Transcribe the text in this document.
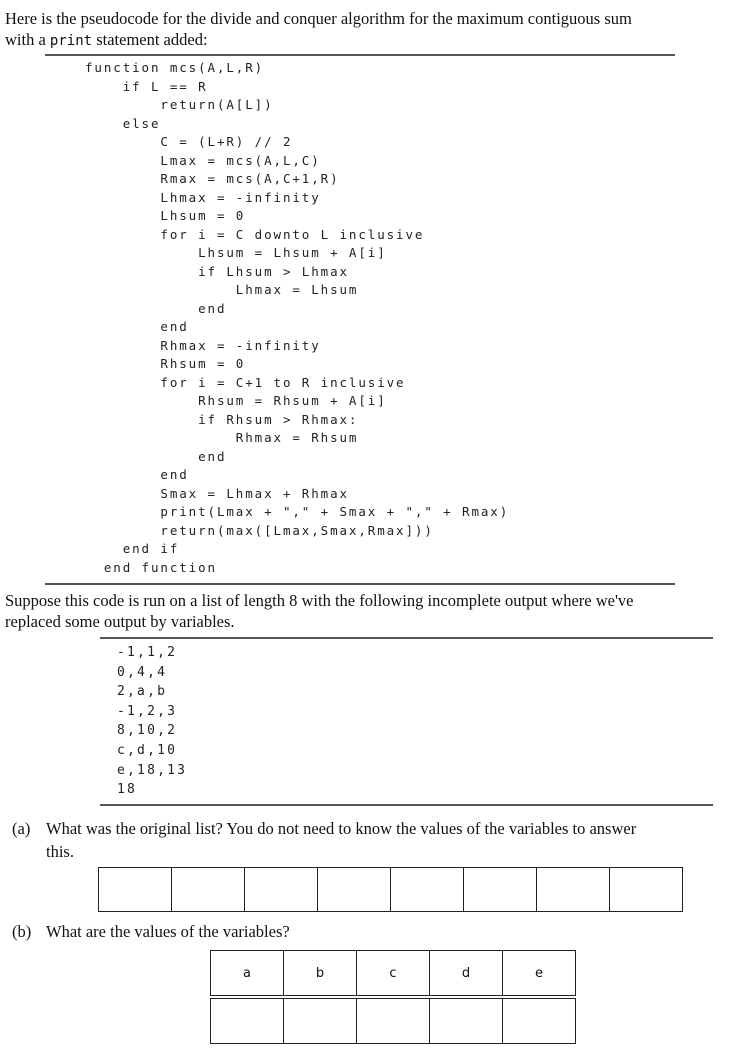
Here is the pseudocode for the divide and conquer algorithm for the maximum contiguous sum
with a print statement added:
function mcs(A,L,R)
if L == R
return(A[L])
else
C = (L+R) // 2
Lmax = mcs(A,L,C)
Rmax = mcs(A,C+1,R)
Lhmax = -infinity
Lhsum = 0
for i = C downto L inclusive
Lhsum = Lhsum + A[i]
if Lhsum > Lhmax
Lhmax = Lhsum
end
end
Rhmax = -infinity
Rhsum = 0
for i = C+1 to R inclusive
Rhsum = Rhsum + A[i]
if Rhsum > Rhmax:
Rhmax = Rhsum
end
end
Smax = Lhmax + Rhmax
print(Lmax + "," + Smax + "," + Rmax)
return(max([Lmax,Smax,Rmax]))
end if
end function
Suppose this code is run on a list of length 8 with the following incomplete output where we've
replaced some output by variables.
-1,1,2
0,4,4
2,a,b
-1,2,3
8,10,2
c,d,10
e,18,13
18
(a) What was the original list? You do not need to know the values of the variables to answer
this.

(b) What are the values of the variables?
a	b	c	d	e
